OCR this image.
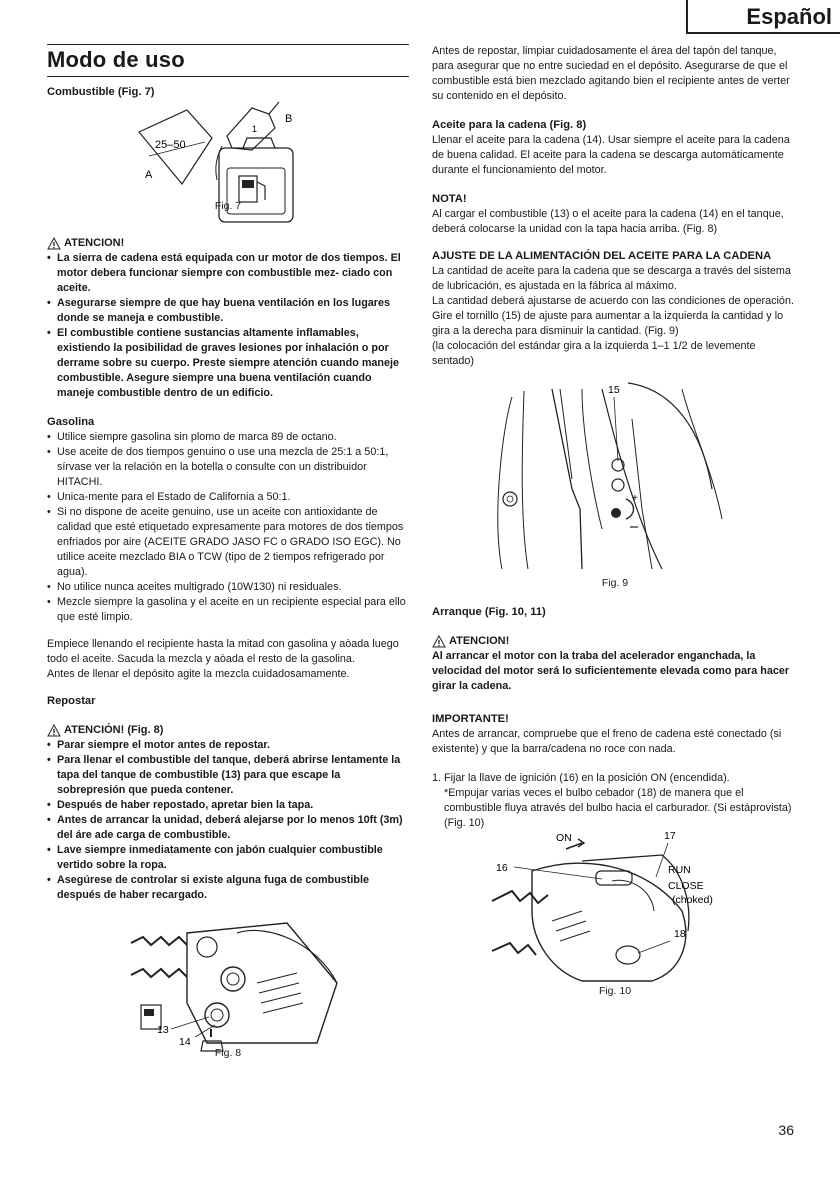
Español
Modo de uso
Combustible (Fig. 7)
25–50
A
1
B
Fig. 7
ATENCION!
• La sierra de cadena está equipada con ur motor de dos tiempos. El motor debera funcionar siempre con combustible mez- ciado con aceite.
• Asegurarse siempre de que hay buena ventilación en los lugares donde se maneja e combustible.
• El combustible contiene sustancias altamente inflamables, existiendo la posibilidad de graves lesiones por inhalación o por derrame sobre su cuerpo. Preste siempre atención cuando maneje combustible. Asegure siempre una buena ventilación cuando maneje combustible dentro de un edificio.
Gasolina
• Utilice siempre gasolina sin plomo de marca 89 de octano.
• Use aceite de dos tiempos genuino o use una mezcla de 25:1 a 50:1, sírvase ver la relación en la botella o consulte con un distribuidor HITACHI.
• Unica-mente para el Estado de California a 50:1.
• Si no dispone de aceite genuino, use un aceite con antioxidante de calidad que esté etiquetado expresamente para motores de dos tiempos enfriados por aire (ACEITE GRADO JASO FC o GRADO ISO EGC). No utilice aceite mezclado BIA o TCW (tipo de 2 tiempos refrigerado por agua).
• No utilice nunca aceites multigrado (10W130) ni residuales.
• Mezcle siempre la gasolina y el aceite en un recipiente especial para ello que esté limpio.

Empiece llenando el recipiente hasta la mitad con gasolina y aòada luego todo el aceite. Sacuda la mezcla y aòada el resto de la gasolina.

Antes de llenar el depósito agite la mezcla cuidadosamamente.

Repostar
ATENCIÓN! (Fig. 8)
• Parar siempre el motor antes de repostar.
• Para llenar el combustible del tanque, deberá abrirse lentamente la tapa del tanque de combustible (13) para que escape la sobrepresión que pueda contener.
• Después de haber repostado, apretar bien la tapa.
• Antes de arrancar la unidad, deberá alejarse por lo menos 10ft (3m) del áre ade carga de combustible.
• Lave siempre inmediatamente con jabón cualquier combustible vertido sobre la ropa.
• Asegúrese de controlar si existe alguna fuga de combustible después de haber recargado.
13
14
Fig. 8

Antes de repostar, limpiar cuidadosamente el área del tapón del tanque, para asegurar que no entre suciedad en el depósito. Asegurarse de que el combustible está bien mezclado agitando bien el recipiente antes de verter su contenido en el depósito.

Aceite para la cadena (Fig. 8)

Llenar el aceite para la cadena (14). Usar siempre el aceite para la cadena de buena calidad. El aceite para la cadena se descarga automáticamente durante el funcionamiento del motor.

NOTA!

Al cargar el combustible (13) o el aceite para la cadena (14) en el tanque, deberá colocarse la unidad con la tapa hacia arriba. (Fig. 8)

AJUSTE DE LA ALIMENTACIÓN DEL ACEITE PARA LA CADENA

La cantidad de aceite para la cadena que se descarga a través del sistema de lubricación, es ajustada en la fábrica al máximo.

La cantidad deberá ajustarse de acuerdo con las condiciones de operación. Gire el tornillo (15) de ajuste para aumentar a la izquierda la cantidad y lo gira a la derecha para disminuir la cantidad. (Fig. 9)

(la colocación del estándar gira a la izquierda 1–1 1/2 de levemente sentado)

+
15
Fig. 9
Arranque (Fig. 10, 11)
ATENCION!

Al arrancar el motor con la traba del acelerador enganchada, la velocidad del motor será lo suficientemente elevada como para hacer girar la cadena.

IMPORTANTE!

Antes de arrancar, compruebe que el freno de cadena esté conectado (si existente) y que la barra/cadena no roce con nada.

1. Fijar la llave de ignición (16) en la posición ON (encendida).

*Empujar varias veces el bulbo cebador (18) de manera que el combustible fluya através del bulbo hacia el carburador. (Si estáprovista) (Fig. 10)

ON
16
17
RUN
CLOSE
(choked)
18
Fig. 10
36
